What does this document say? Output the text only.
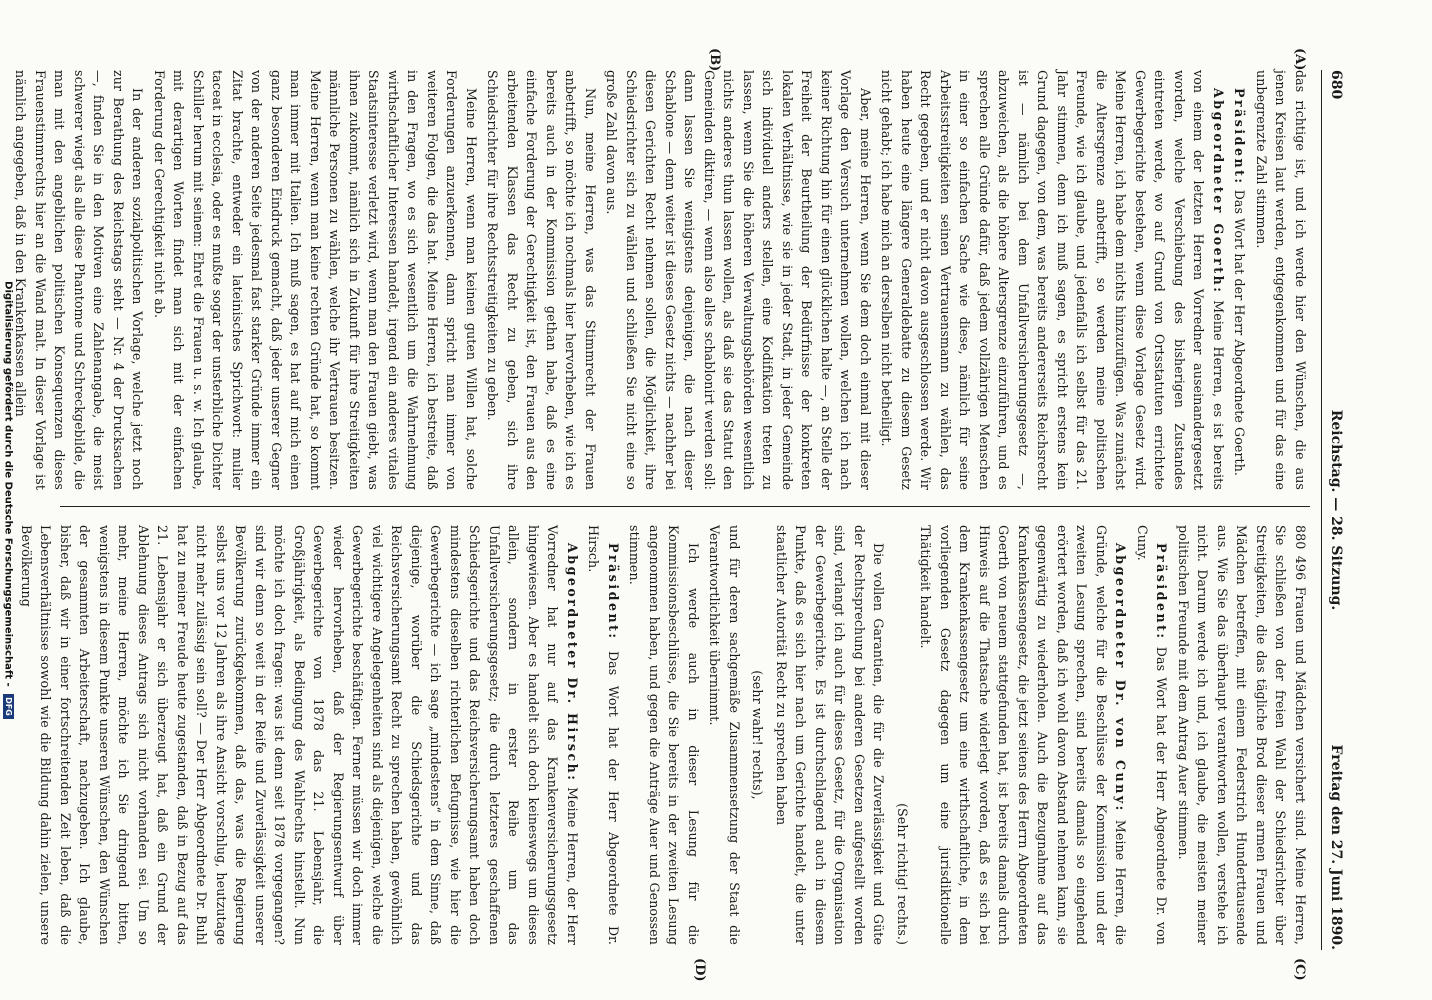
680
Reichstag. — 28. Sitzung.
Freitag den 27. Juni 1890.
(A)
(B)
(C)
(D)

das richtige ist, und ich werde hier den Wünschen, die aus jenen Kreisen laut werden, entgegenkommen und für das eine unbegrenzte Zahl stimmen.

Präsident: Das Wort hat der Herr Abgeordnete Goerth.

Abgeordneter Goerth: Meine Herren, es ist bereits von einem der letzten Herren Vorredner auseinandergesetzt worden, welche Verschiebung des bisherigen Zustandes eintreten werde, wo auf Grund von Ortsstatuten errichtete Gewerbegerichte bestehen, wenn diese Vorlage Gesetz wird. Meine Herren, ich habe dem nichts hinzuzufügen. Was zunächst die Altersgrenze anbetrifft, so werden meine politischen Freunde, wie ich glaube, und jedenfalls ich selbst für das 21. Jahr stimmen, denn ich muß sagen, es spricht erstens kein Grund dagegen, von dem, was bereits andererseits Reichsrecht ist — nämlich bei dem Unfallversicherungsgesetz —, abzuweichen, als die höhere Altersgrenze einzuführen, und es sprechen alle Gründe dafür, daß jedem vollzährigen Menschen in einer so einfachen Sache wie diese, nämlich für seine Arbeitsstreitigkeiten seinen Vertrauensmann zu wählen, das Recht gegeben, und er nicht davon ausgeschlossen werde. Wir haben heute eine längere Generaldebatte zu diesem Gesetz nicht gehabt; ich habe mich an derselben nicht betheiligt.

Aber, meine Herren, wenn Sie dem doch einmal mit dieser Vorlage den Versuch unternehmen wollen, welchen ich nach keiner Richtung hin für einen glücklichen halte —, an Stelle der Freiheit der Beurtheilung der Bedürfnisse der konkreten lokalen Verhältnisse, wie sie in jeder Stadt, in jeder Gemeinde sich individuell anders stellen, eine Kodifikation treten zu lassen, wenn Sie die höheren Verwaltungsbehörden wesentlich nichts anderes thun lassen wollen, als daß sie das Statut den Gemeinden diktiren, — wenn also alles schablonirt werden soll: dann lassen Sie wenigstens denjenigen, die nach dieser Schablone — denn weiter ist dieses Gesetz nichts — nachher bei diesen Gerichten Recht nehmen sollen, die Möglichkeit, ihre Schiedsrichter sich zu wählen und schließen Sie nicht eine so große Zahl davon aus.

Nun, meine Herren, was das Stimmrecht der Frauen anbetrifft, so möchte ich nochmals hier hervorheben, wie ich es bereits auch in der Kommission gethan habe, daß es eine einfache Forderung der Gerechtigkeit ist, den Frauen aus den arbeitenden Klassen das Recht zu geben, sich ihre Schiedsrichter für ihre Rechtsstreitigkeiten zu geben.

Meine Herren, wenn man keinen guten Willen hat, solche Forderungen anzuerkennen, dann spricht man immer von weiteren Folgen, die das hat. Meine Herren, ich bestreite, daß in den Fragen, wo es sich wesentlich um die Wahrnehmung wirthschaftlicher Interessen handelt, irgend ein anderes vitales Staatsinteresse verletzt wird, wenn man den Frauen giebt, was ihnen zukommt, nämlich sich in Zukunft für ihre Streitigkeiten männliche Personen zu wählen, welche ihr Vertrauen besitzen. Meine Herren, wenn man keine rechten Gründe hat, so kommt man immer mit Italien. Ich muß sagen, es hat auf mich einen ganz besonderen Eindruck gemacht, daß jeder unserer Gegner von der anderen Seite jedesmal fast starker Gründe immer ein Zitat brachte, entweder ein lateinisches Sprichwort: mulier taceat in ecclesia, oder es mußte sogar der unsterbliche Dichter Schiller herum mit seinem: Ehret die Frauen u. s. w. Ich glaube, mit derartigen Worten findet man sich mit der einfachen Forderung der Gerechtigkeit nicht ab.

In der anderen sozialpolitischen Vorlage, welche jetzt noch zur Berathung des Reichstags steht — Nr. 4 der Drucksachen —, finden Sie in den Motiven eine Zahlenangabe, die meist schwerer wiegt als alle diese Phantome und Schreckgebilde, die man mit den angeblichen politischen Konsequenzen dieses Frauenstimmrechts hier an die Wand malt. In dieser Vorlage ist nämlich angegeben, daß in den Krankenkassen allein

880 496 Frauen und Mädchen versichert sind. Meine Herren, Sie schließen von der freien Wahl der Schiedsrichter über Streitigkeiten, die das tägliche Brod dieser armen Frauen und Mädchen betreffen, mit einem Federstrich Hunderttausende aus. Wie Sie das überhaupt verantworten wollen, verstehe ich nicht. Darum werde ich und, ich glaube, die meisten meiner politischen Freunde mit dem Antrag Auer stimmen.

Präsident: Das Wort hat der Herr Abgeordnete Dr. von Cuny.

Abgeordneter Dr. von Cuny: Meine Herren, die Gründe, welche für die Beschlüsse der Kommission und der zweiten Lesung sprechen, sind bereits damals so eingehend erörtert worden, daß ich wohl davon Abstand nehmen kann, sie gegenwärtig zu wiederholen. Auch die Bezugnahme auf das Krankenkassengesetz, die jetzt seitens des Herrn Abgeordneten Goerth von neuem stattgefunden hat, ist bereits damals durch Hinweis auf die Thatsache widerlegt worden, daß es sich bei dem Krankenkassengesetz um eine wirthschaftliche, in dem vorliegenden Gesetz dagegen um eine jurisdiktionelle Thätigkeit handelt.

(Sehr richtig! rechts.)

Die vollen Garantien, die für die Zuverlässigkeit und Güte der Rechtsprechung bei anderen Gesetzen aufgestellt worden sind, verlangt ich auch für dieses Gesetz, für die Organisation der Gewerbegerichte. Es ist durchschlagend auch in diesem Punkte, daß es sich hier nach um Gerichte handelt, die unter staatlicher Autorität Recht zu sprechen haben

(sehr wahr! rechts),

und für deren sachgemäße Zusammensetzung der Staat die Verantwortlichkeit übernimmt.

Ich werde auch in dieser Lesung für die Kommissionsbeschlüsse, die Sie bereits in der zweiten Lesung angenommen haben, und gegen die Anträge Auer und Genossen stimmen.

Präsident: Das Wort hat der Herr Abgeordnete Dr. Hirsch.

Abgeordneter Dr. Hirsch: Meine Herren, der Herr Vorredner hat nur auf das Krankenversicherungsgesetz hingewiesen. Aber es handelt sich doch keineswegs um dieses allein, sondern in erster Reihe um das Unfallversicherungsgesetz; die durch letzteres geschaffenen Schiedsgerichte und das Reichsversicherungsamt haben doch mindestens dieselben richterlichen Befugnisse, wie hier die Gewerbegerichte — ich sage „mindestens“ in dem Sinne, daß diejenige, worüber die Schiedsgerichte und das Reichsversicherungsamt Recht zu sprechen haben, gewöhnlich viel wichtigere Angelegenheiten sind als diejenigen, welche die Gewerbegerichte beschäftigen. Ferner müssen wir doch immer wieder hervorheben, daß der Regierungsentwurf über Gewerbegerichte von 1878 das 21. Lebensjahr, die Großjährigkeit, als Bedingung des Wahlrechts hinstellt. Nun möchte ich doch fragen: was ist denn seit 1878 vorgegangen? sind wir denn so weit in der Reife und Zuverlässigkeit unserer Bevölkerung zurückgekommen, daß das, was die Regierung selbst uns vor 12 Jahren als ihre Ansicht vorschlug, heutzutage nicht mehr zulässig sein soll? — Der Herr Abgeordnete Dr. Buhl hat zu meiner Freude heute zugestanden, daß in Bezug auf das 21. Lebensjahr er sich überzeugt hat, daß ein Grund der Ablehnung dieses Antrags sich nicht vorhanden sei. Um so mehr, meine Herren, möchte ich Sie dringend bitten, wenigstens in diesem Punkte unseren Wünschen, den Wünschen der gesammten Arbeiterschaft, nachzugeben. Ich glaube, bisher, daß wir in einer fortschreitenden Zeit leben, daß die Lebensverhältnisse sowohl wie die Bildung dahin zielen, unsere Bevölkerung

Digitalisierung gefördert durch die Deutsche Forschungsgemeinschaft - DFG
